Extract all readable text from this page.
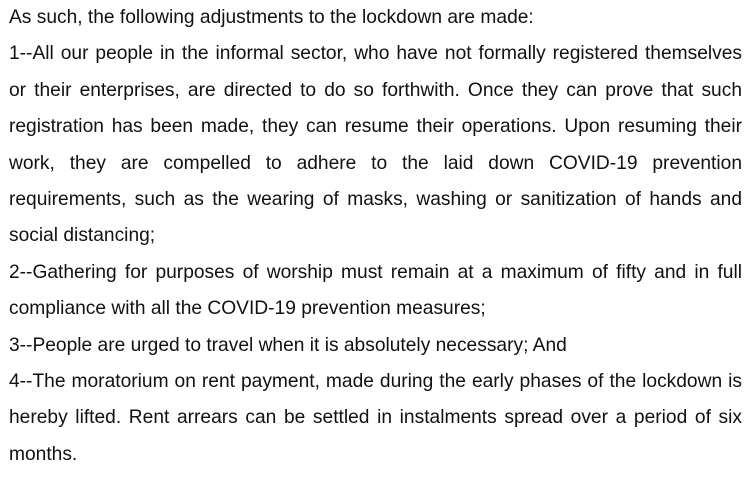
As such, the following adjustments to the lockdown are made:

1--All our people in the informal sector, who have not formally registered themselves or their enterprises, are directed to do so forthwith. Once they can prove that such registration has been made, they can resume their operations. Upon resuming their work, they are compelled to adhere to the laid down COVID-19 prevention requirements, such as the wearing of masks, washing or sanitization of hands and social distancing;

2--Gathering for purposes of worship must remain at a maximum of fifty and in full compliance with all the COVID-19 prevention measures;

3--People are urged to travel when it is absolutely necessary; And

4--The moratorium on rent payment, made during the early phases of the lockdown is hereby lifted. Rent arrears can be settled in instalments spread over a period of six months.
